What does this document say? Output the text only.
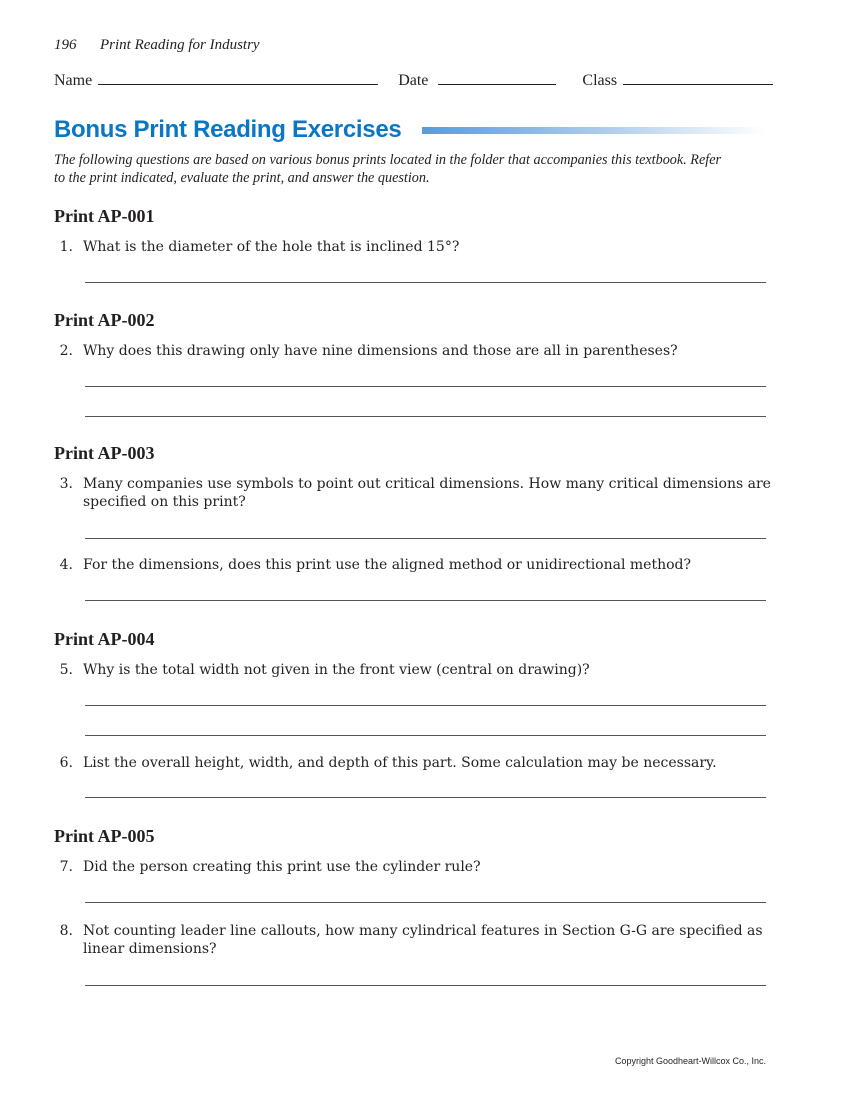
196 Print Reading for Industry
Name	Date	Class
Bonus Print Reading Exercises
The following questions are based on various bonus prints located in the folder that accompanies this textbook. Refer
to the print indicated, evaluate the print, and answer the question.
Print AP-001
1. What is the diameter of the hole that is inclined 15°?
Print AP-002
2. Why does this drawing only have nine dimensions and those are all in parentheses?
Print AP-003
3. Many companies use symbols to point out critical dimensions. How many critical dimensions are
specified on this print?
4. For the dimensions, does this print use the aligned method or unidirectional method?
Print AP-004
5. Why is the total width not given in the front view (central on drawing)?
6. List the overall height, width, and depth of this part. Some calculation may be necessary.
Print AP-005
7. Did the person creating this print use the cylinder rule?
8. Not counting leader line callouts, how many cylindrical features in Section G-G are specified as
linear dimensions?
Copyright Goodheart-Willcox Co., Inc.
